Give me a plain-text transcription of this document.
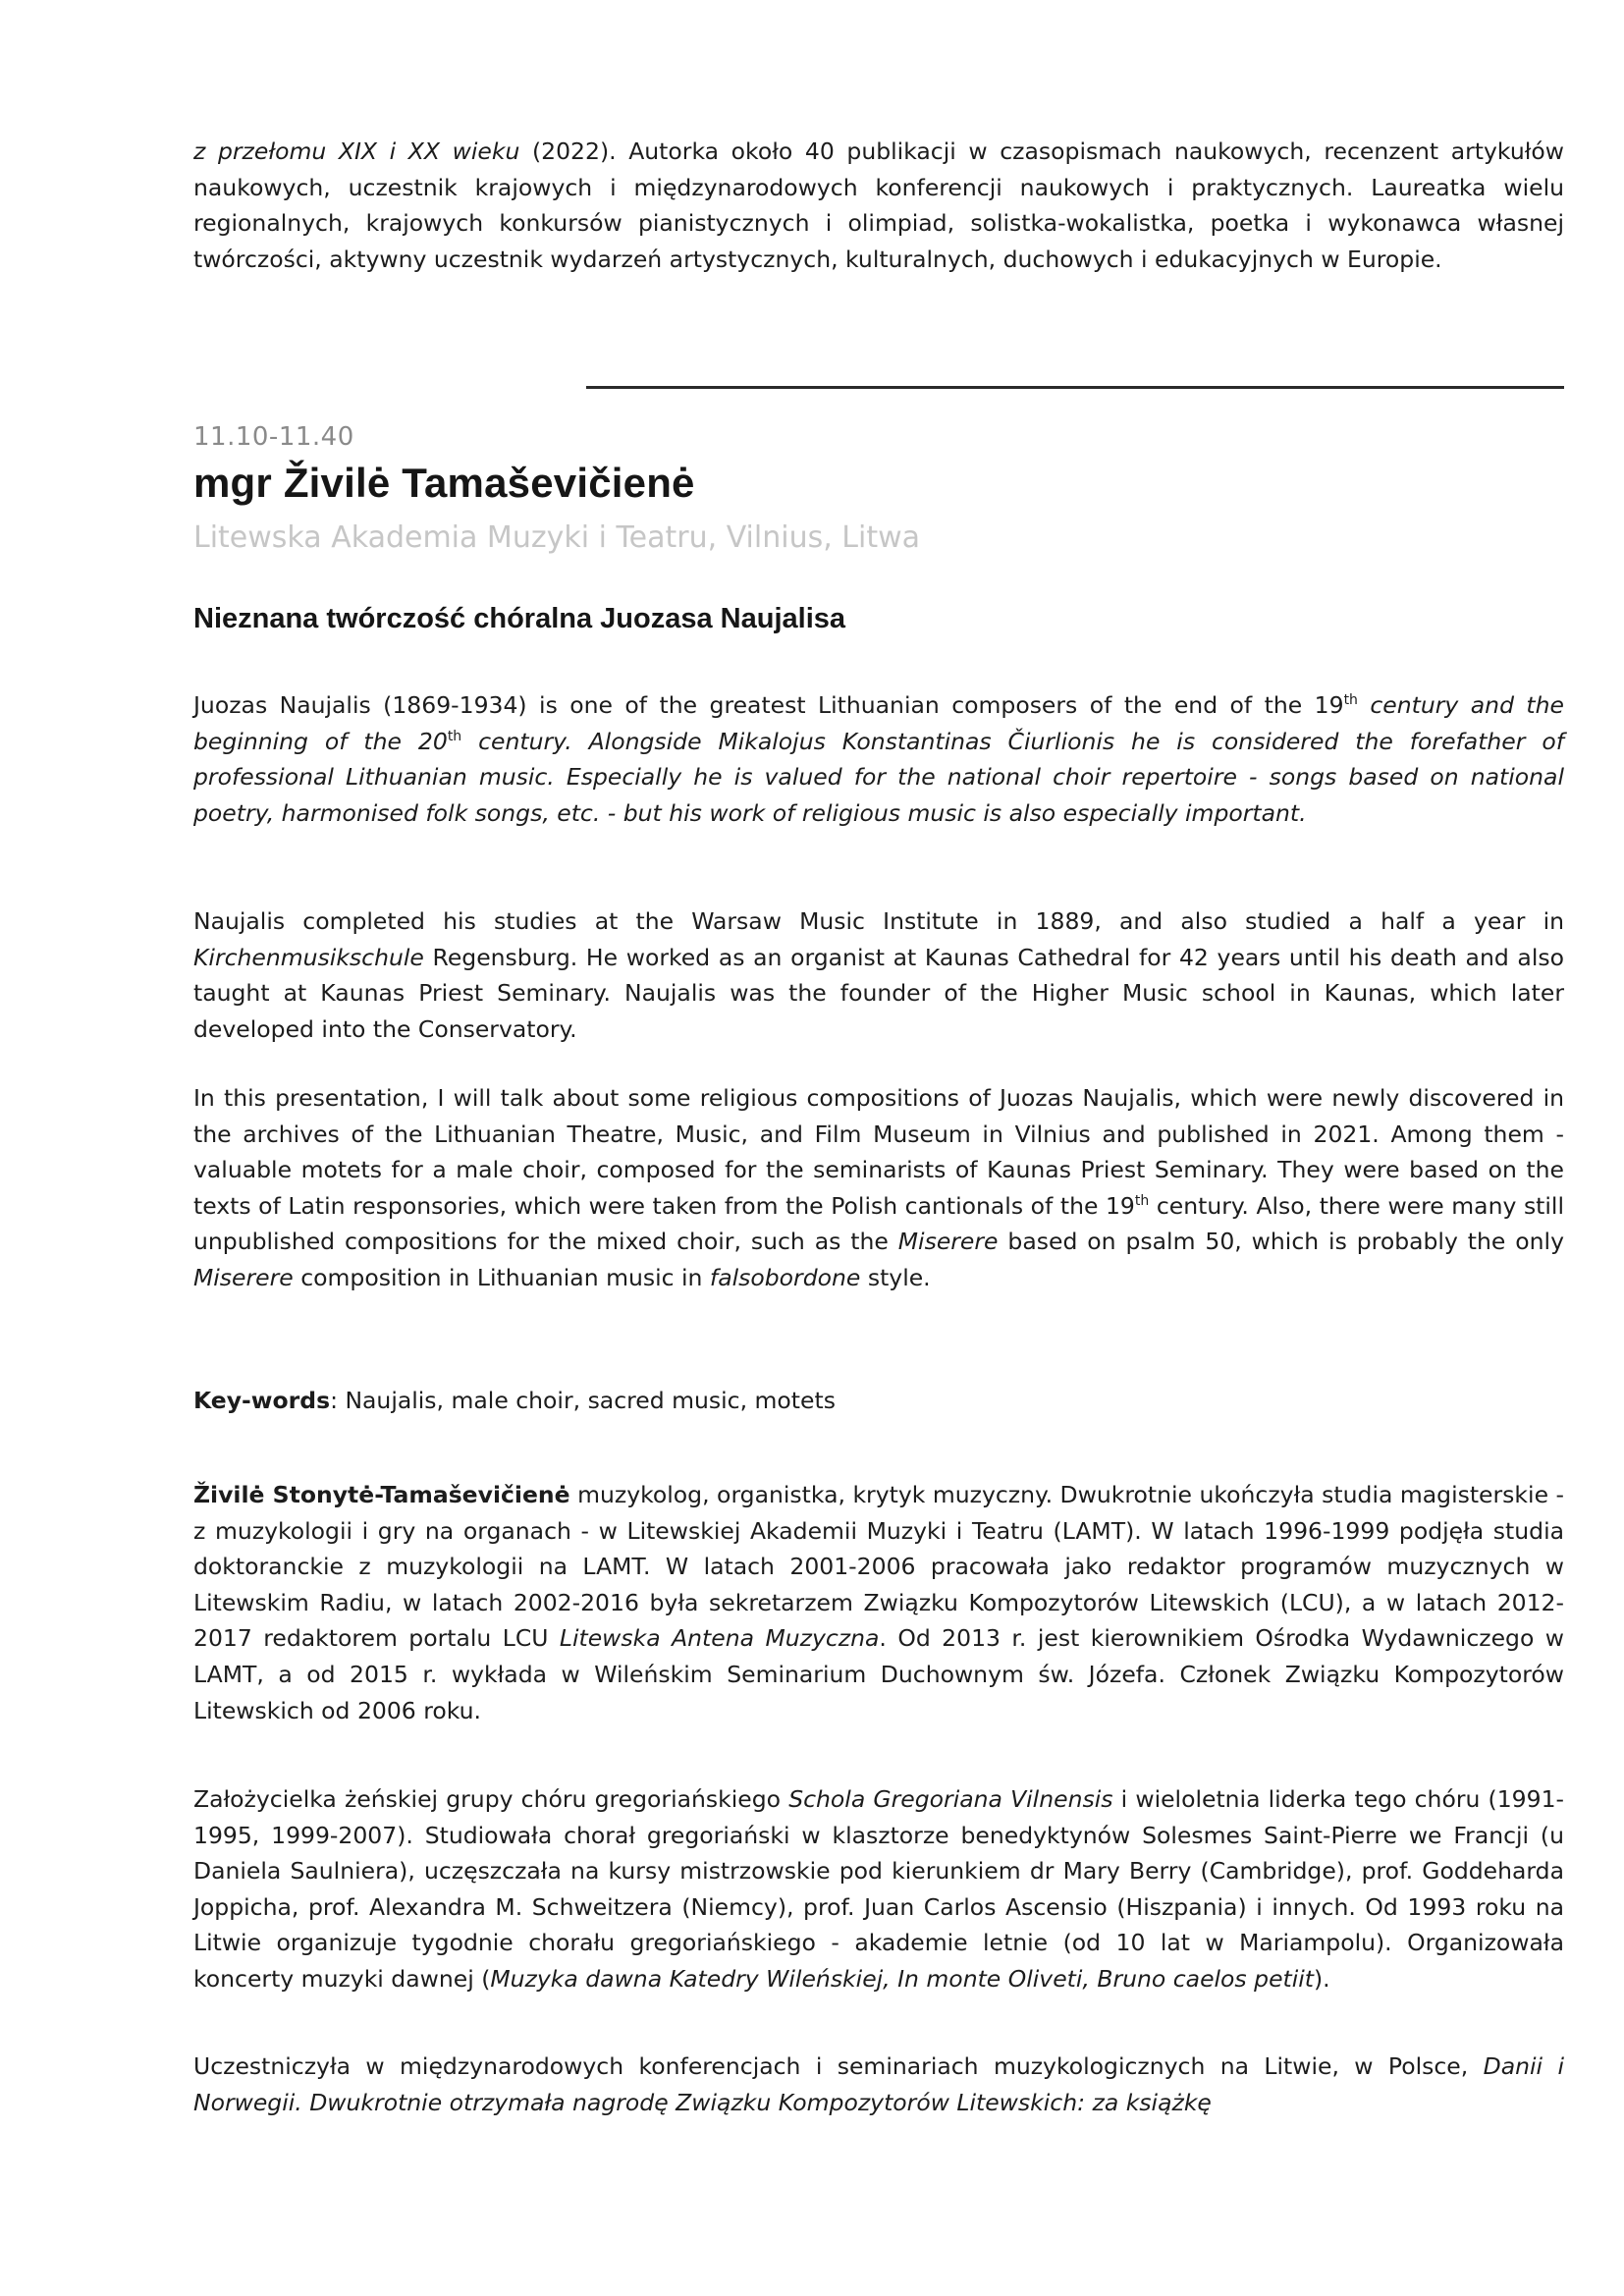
z przełomu XIX i XX wieku (2022). Autorka około 40 publikacji w czasopismach naukowych, recenzent artykułów naukowych, uczestnik krajowych i międzynarodowych konferencji naukowych i praktycznych. Laureatka wielu regionalnych, krajowych konkursów pianistycznych i olimpiad, solistka-wokalistka, poetka i wykonawca własnej twórczości, aktywny uczestnik wydarzeń artystycznych, kulturalnych, duchowych i edukacyjnych w Europie.

11.10-11.40
mgr Živilė Tamaševičienė
Litewska Akademia Muzyki i Teatru, Vilnius, Litwa
Nieznana twórczość chóralna Juozasa Naujalisa

Juozas Naujalis (1869-1934) is one of the greatest Lithuanian composers of the end of the 19th century and the beginning of the 20th century. Alongside Mikalojus Konstantinas Čiurlionis he is considered the forefather of professional Lithuanian music. Especially he is valued for the national choir repertoire - songs based on national poetry, harmonised folk songs, etc. - but his work of religious music is also especially important.

Naujalis completed his studies at the Warsaw Music Institute in 1889, and also studied a half a year in Kirchenmusikschule Regensburg. He worked as an organist at Kaunas Cathedral for 42 years until his death and also taught at Kaunas Priest Seminary. Naujalis was the founder of the Higher Music school in Kaunas, which later developed into the Conservatory.

In this presentation, I will talk about some religious compositions of Juozas Naujalis, which were newly discovered in the archives of the Lithuanian Theatre, Music, and Film Museum in Vilnius and published in 2021. Among them - valuable motets for a male choir, composed for the seminarists of Kaunas Priest Seminary. They were based on the texts of Latin responsories, which were taken from the Polish cantionals of the 19th century. Also, there were many still unpublished compositions for the mixed choir, such as the Miserere based on psalm 50, which is probably the only Miserere composition in Lithuanian music in falsobordone style.

Key-words: Naujalis, male choir, sacred music, motets

Živilė Stonytė-Tamaševičienė muzykolog, organistka, krytyk muzyczny. Dwukrotnie ukończyła studia magisterskie - z muzykologii i gry na organach - w Litewskiej Akademii Muzyki i Teatru (LAMT). W latach 1996-1999 podjęła studia doktoranckie z muzykologii na LAMT. W latach 2001-2006 pracowała jako redaktor programów muzycznych w Litewskim Radiu, w latach 2002-2016 była sekretarzem Związku Kompozytorów Litewskich (LCU), a w latach 2012-2017 redaktorem portalu LCU Litewska Antena Muzyczna. Od 2013 r. jest kierownikiem Ośrodka Wydawniczego w LAMT, a od 2015 r. wykłada w Wileńskim Seminarium Duchownym św. Józefa. Członek Związku Kompozytorów Litewskich od 2006 roku.

Założycielka żeńskiej grupy chóru gregoriańskiego Schola Gregoriana Vilnensis i wieloletnia liderka tego chóru (1991-1995, 1999-2007). Studiowała chorał gregoriański w klasztorze benedyktynów Solesmes Saint-Pierre we Francji (u Daniela Saulniera), uczęszczała na kursy mistrzowskie pod kierunkiem dr Mary Berry (Cambridge), prof. Goddeharda Joppicha, prof. Alexandra M. Schweitzera (Niemcy), prof. Juan Carlos Ascensio (Hiszpania) i innych. Od 1993 roku na Litwie organizuje tygodnie chorału gregoriańskiego - akademie letnie (od 10 lat w Mariampolu). Organizowała koncerty muzyki dawnej (Muzyka dawna Katedry Wileńskiej, In monte Oliveti, Bruno caelos petiit).

Uczestniczyła w międzynarodowych konferencjach i seminariach muzykologicznych na Litwie, w Polsce, Danii i Norwegii. Dwukrotnie otrzymała nagrodę Związku Kompozytorów Litewskich: za książkę
